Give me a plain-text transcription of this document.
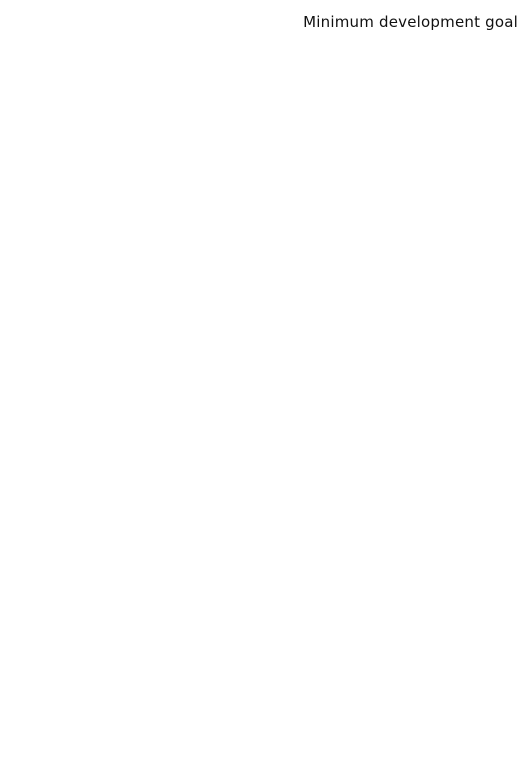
Minimum development goal
